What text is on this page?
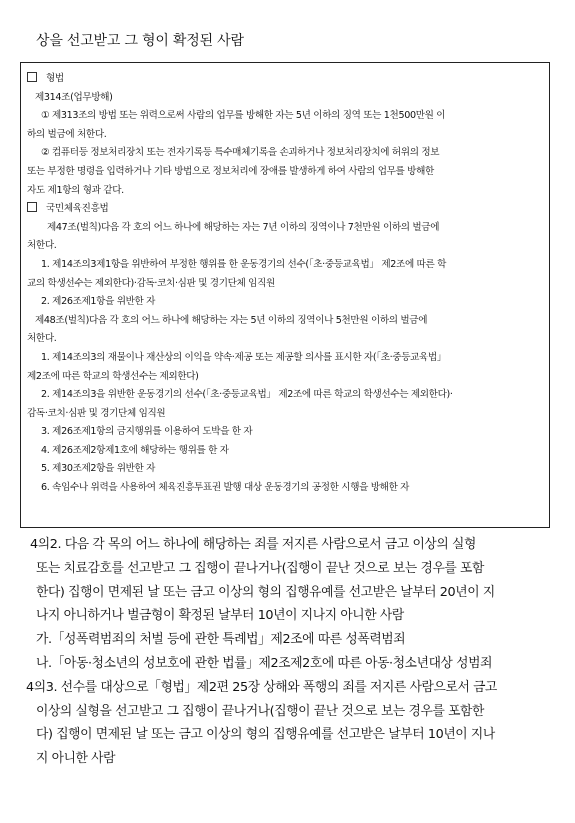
상을 선고받고 그 형이 확정된 사람
형법
제314조(업무방해)
① 제313조의 방법 또는 위력으로써 사람의 업무를 방해한 자는 5년 이하의 징역 또는 1천500만원 이
하의 벌금에 처한다.
② 컴퓨터등 정보처리장치 또는 전자기록등 특수매체기록을 손괴하거나 정보처리장치에 허위의 정보
또는 부정한 명령을 입력하거나 기타 방법으로 정보처리에 장애를 발생하게 하여 사람의 업무를 방해한
자도 제1항의 형과 같다.
국민체육진흥법
제47조(벌칙)다음 각 호의 어느 하나에 해당하는 자는 7년 이하의 징역이나 7천만원 이하의 벌금에
처한다.
1. 제14조의3제1항을 위반하여 부정한 행위를 한 운동경기의 선수(「초·중등교육법」 제2조에 따른 학
교의 학생선수는 제외한다)·감독·코치·심판 및 경기단체 임직원
2. 제26조제1항을 위반한 자
제48조(벌칙)다음 각 호의 어느 하나에 해당하는 자는 5년 이하의 징역이나 5천만원 이하의 벌금에
처한다.
1. 제14조의3의 재물이나 재산상의 이익을 약속·제공 또는 제공할 의사를 표시한 자(「초·중등교육법」
제2조에 따른 학교의 학생선수는 제외한다)
2. 제14조의3을 위반한 운동경기의 선수(「초·중등교육법」 제2조에 따른 학교의 학생선수는 제외한다)·
감독·코치·심판 및 경기단체 임직원
3. 제26조제1항의 금지행위를 이용하여 도박을 한 자
4. 제26조제2항제1호에 해당하는 행위를 한 자
5. 제30조제2항을 위반한 자
6. 속임수나 위력을 사용하여 체육진흥투표권 발행 대상 운동경기의 공정한 시행을 방해한 자
4의2. 다음 각 목의 어느 하나에 해당하는 죄를 저지른 사람으로서 금고 이상의 실형
또는 치료감호를 선고받고 그 집행이 끝나거나(집행이 끝난 것으로 보는 경우를 포함
한다) 집행이 면제된 날 또는 금고 이상의 형의 집행유예를 선고받은 날부터 20년이 지
나지 아니하거나 벌금형이 확정된 날부터 10년이 지나지 아니한 사람
가.「성폭력범죄의 처벌 등에 관한 특례법」제2조에 따른 성폭력범죄
나.「아동·청소년의 성보호에 관한 법률」제2조제2호에 따른 아동·청소년대상 성범죄
4의3. 선수를 대상으로「형법」제2편 25장 상해와 폭행의 죄를 저지른 사람으로서 금고
이상의 실형을 선고받고 그 집행이 끝나거나(집행이 끝난 것으로 보는 경우를 포함한
다) 집행이 면제된 날 또는 금고 이상의 형의 집행유예를 선고받은 날부터 10년이 지나
지 아니한 사람
